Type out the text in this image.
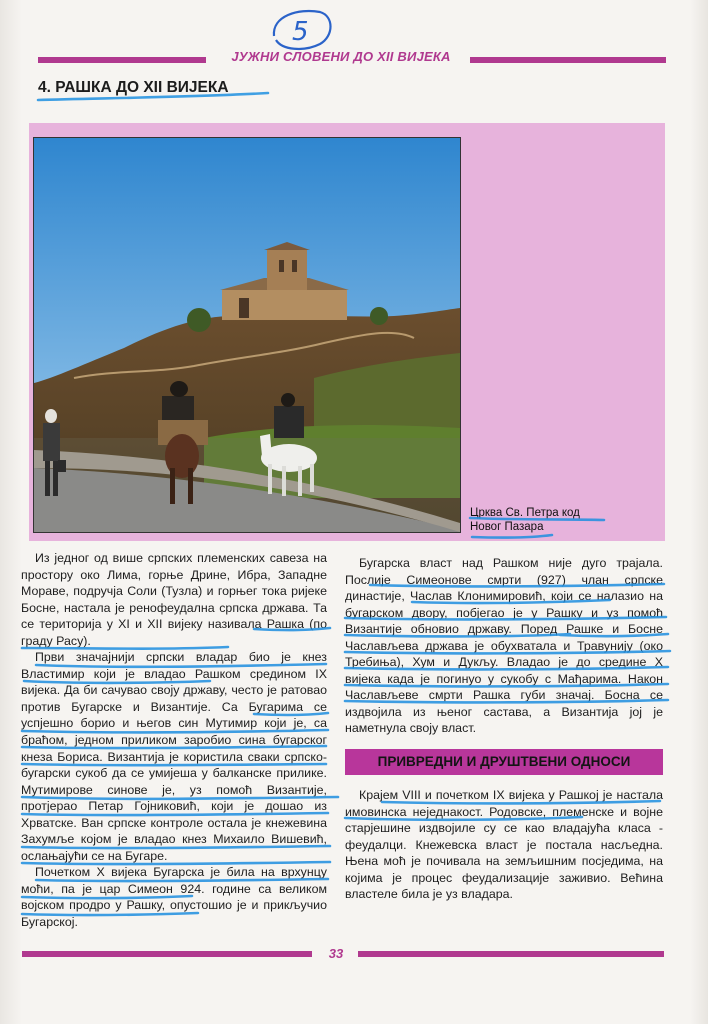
5
ЈУЖНИ СЛОВЕНИ ДО XII ВИЈЕКА
4. РАШКА ДО XII ВИЈЕКА
Црква Св. Петра код
Новог Пазара

Из једног од више српских племенских савеза на простору око Лима, горње Дрине, Ибра, Западне Мораве, подручја Соли (Тузла) и горњег тока ријеке Босне, настала је ренофеудална српска држава. Та се територија у XI и XII вијеку називала Рашка (по граду Расу).

Први значајнији српски владар био је кнез Властимир који је владао Рашком средином IX вијека. Да би сачувао своју државу, често је ратовао против Бугарске и Византије. Са Бугарима се успјешно борио и његов син Мутимир који је, са браћом, једном приликом заробио сина бугарског кнеза Бориса. Византија је користила сваки српско-бугарски сукоб да се умијеша у балканске прилике. Мутимирове синове је, уз помоћ Византије, протјерао Петар Гојниковић, који је дошао из Хрватске. Ван српске контроле остала је кнежевина Захумље којом је владао кнез Михаило Вишевић, ослањајући се на Бугаре.

Почетком X вијека Бугарска је била на врхунцу моћи, па је цар Симеон 924. године са великом војском продро у Рашку, опустошио је и прикључио Бугарској.

Бугарска власт над Рашком није дуго трајала. Послије Симеонове смрти (927) члан српске династије, Часлав Клонимировић, који се налазио на бугарском двору, побјегао је у Рашку и уз помоћ Византије обновио државу. Поред Рашке и Босне Часлављева држава је обухватала и Травунију (око Требиња), Хум и Дукљу. Владао је до средине X вијека када је погинуо у сукобу с Мађарима. Након Часлављеве смрти Рашка губи значај. Босна се издвојила из њеног састава, а Византија јој је наметнула своју власт.

ПРИВРЕДНИ И ДРУШТВЕНИ ОДНОСИ

Крајем VIII и почетком IX вијека у Рашкој је настала имовинска неједнакост. Родовске, племенске и војне старјешине издвојиле су се као владајућа класа - феудалци. Кнежевска власт је постала насљедна. Њена моћ је почивала на земљишним посједима, на којима је процес феудализације заживио. Већина властеле била је уз владара.

33
